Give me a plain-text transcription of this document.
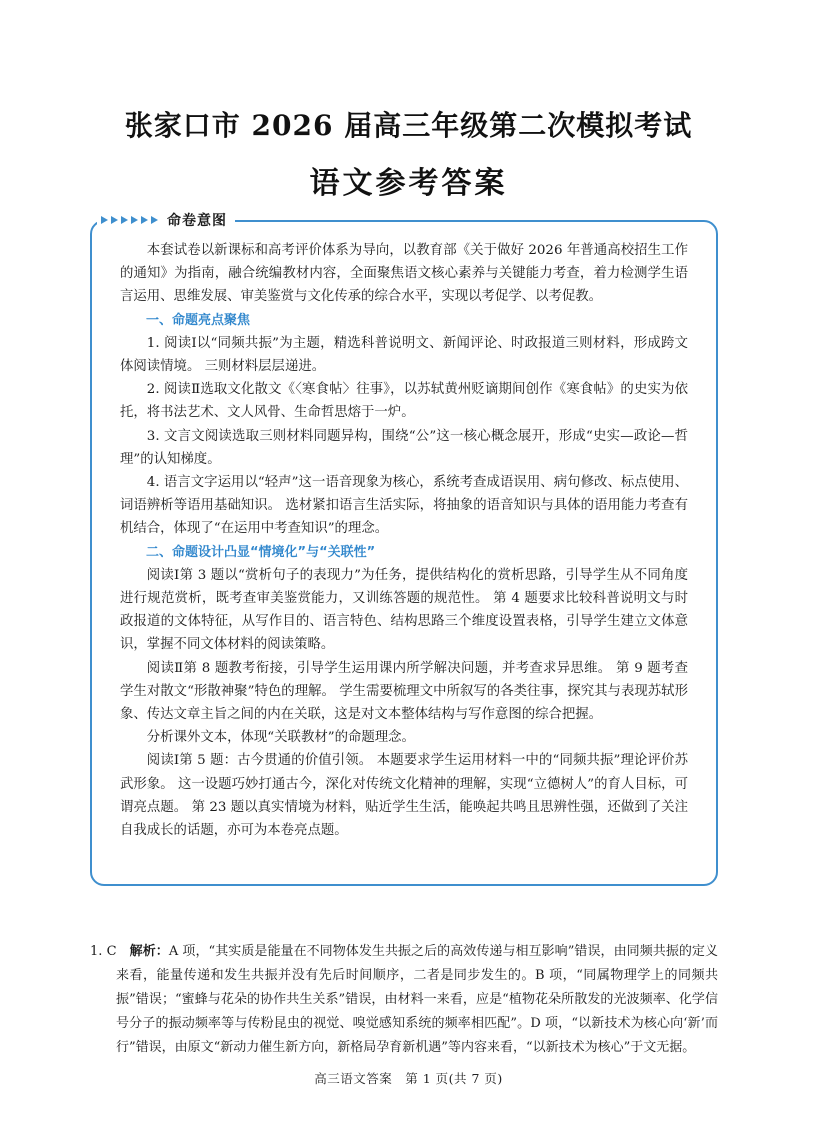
张家口市 2026 届高三年级第二次模拟考试
语文参考答案
命卷意图

本套试卷以新课标和高考评价体系为导向，以教育部《关于做好 2026 年普通高校招生工作的通知》为指南，融合统编教材内容，全面聚焦语文核心素养与关键能力考查，着力检测学生语言运用、思维发展、审美鉴赏与文化传承的综合水平，实现以考促学、以考促教。

一、命题亮点聚焦

1. 阅读Ⅰ以“同频共振”为主题，精选科普说明文、新闻评论、时政报道三则材料，形成跨文体阅读情境。 三则材料层层递进。

2. 阅读Ⅱ选取文化散文《〈寒食帖〉往事》，以苏轼黄州贬谪期间创作《寒食帖》的史实为依托，将书法艺术、文人风骨、生命哲思熔于一炉。

3. 文言文阅读选取三则材料同题异构，围绕“公”这一核心概念展开，形成“史实—政论—哲理”的认知梯度。

4. 语言文字运用以“轻声”这一语音现象为核心，系统考查成语误用、病句修改、标点使用、词语辨析等语用基础知识。 选材紧扣语言生活实际，将抽象的语音知识与具体的语用能力考查有机结合，体现了“在运用中考查知识”的理念。

二、命题设计凸显“情境化”与“关联性”

阅读Ⅰ第 3 题以“赏析句子的表现力”为任务，提供结构化的赏析思路，引导学生从不同角度进行规范赏析，既考查审美鉴赏能力，又训练答题的规范性。 第 4 题要求比较科普说明文与时政报道的文体特征，从写作目的、语言特色、结构思路三个维度设置表格，引导学生建立文体意识，掌握不同文体材料的阅读策略。

阅读Ⅱ第 8 题教考衔接，引导学生运用课内所学解决问题，并考查求异思维。 第 9 题考查学生对散文“形散神聚”特色的理解。 学生需要梳理文中所叙写的各类往事，探究其与表现苏轼形象、传达文章主旨之间的内在关联，这是对文本整体结构与写作意图的综合把握。

分析课外文本，体现“关联教材”的命题理念。

阅读Ⅰ第 5 题：古今贯通的价值引领。 本题要求学生运用材料一中的“同频共振”理论评价苏武形象。 这一设题巧妙打通古今，深化对传统文化精神的理解，实现“立德树人”的育人目标，可谓亮点题。 第 23 题以真实情境为材料，贴近学生生活，能唤起共鸣且思辨性强，还做到了关注自我成长的话题，亦可为本卷亮点题。

1. C　 解析：A 项，“其实质是能量在不同物体发生共振之后的高效传递与相互影响”错误，由同频共振的定义来看，能量传递和发生共振并没有先后时间顺序，二者是同步发生的。B 项，“同属物理学上的同频共振”错误；“蜜蜂与花朵的协作共生关系”错误，由材料一来看，应是“植物花朵所散发的光波频率、化学信号分子的振动频率等与传粉昆虫的视觉、嗅觉感知系统的频率相匹配”。D 项，“以新技术为核心向‘新’而行”错误，由原文“新动力催生新方向，新格局孕育新机遇”等内容来看，“以新技术为核心”于文无据。

高三语文答案　第 1 页(共 7 页)
